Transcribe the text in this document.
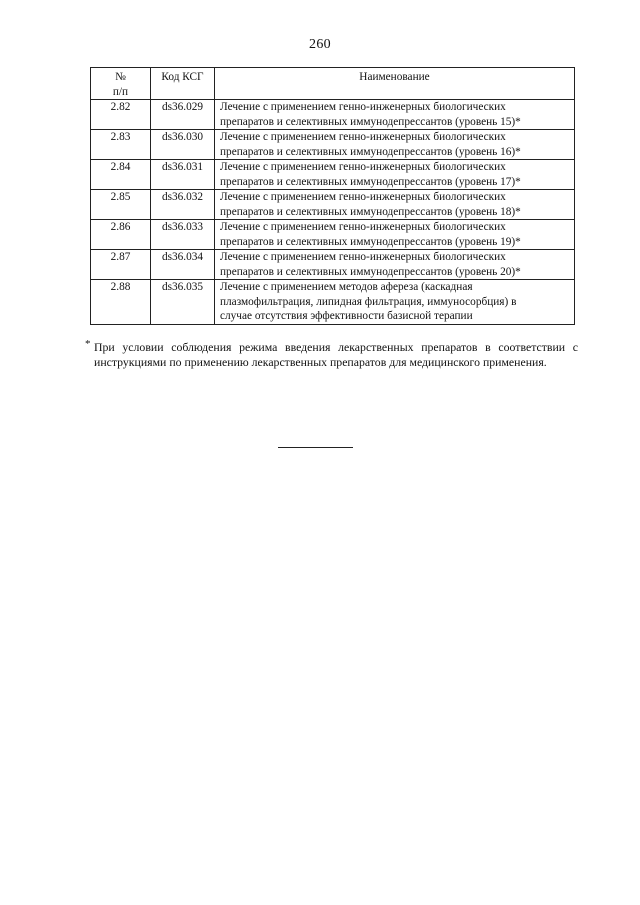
260
№
п/п	Код КСГ	Наименование
2.82	ds36.029	Лечение с применением генно-инженерных биологических
препаратов и селективных иммунодепрессантов (уровень 15)*
2.83	ds36.030	Лечение с применением генно-инженерных биологических
препаратов и селективных иммунодепрессантов (уровень 16)*
2.84	ds36.031	Лечение с применением генно-инженерных биологических
препаратов и селективных иммунодепрессантов (уровень 17)*
2.85	ds36.032	Лечение с применением генно-инженерных биологических
препаратов и селективных иммунодепрессантов (уровень 18)*
2.86	ds36.033	Лечение с применением генно-инженерных биологических
препаратов и селективных иммунодепрессантов (уровень 19)*
2.87	ds36.034	Лечение с применением генно-инженерных биологических
препаратов и селективных иммунодепрессантов (уровень 20)*
2.88	ds36.035	Лечение с применением методов афереза (каскадная
плазмофильтрация, липидная фильтрация, иммуносорбция) в
случае отсутствия эффективности базисной терапии
* При условии соблюдения режима введения лекарственных препаратов в соответствии с инструкциями по применению лекарственных препаратов для медицинского применения.
